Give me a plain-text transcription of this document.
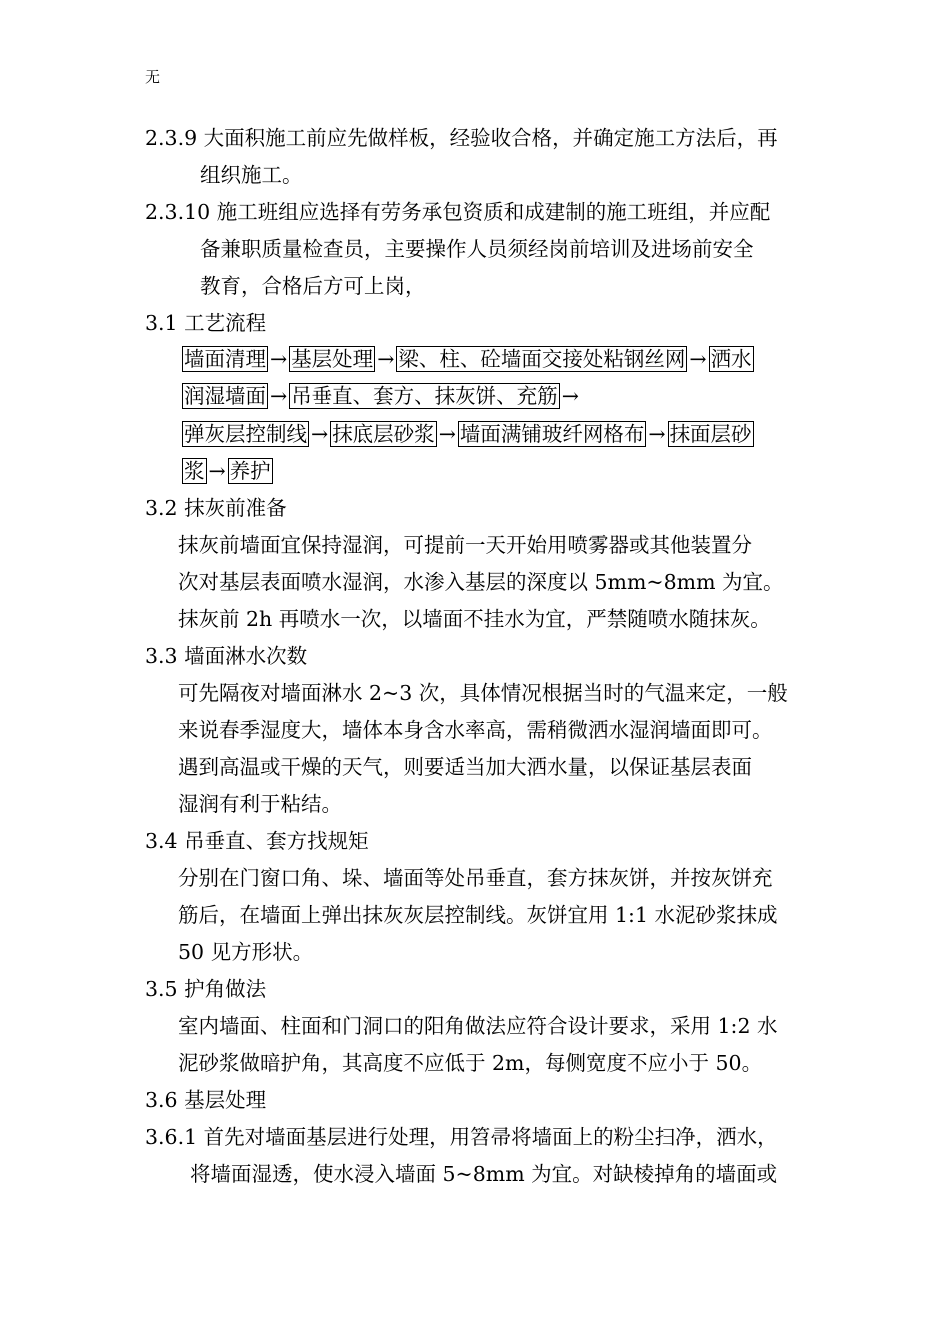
无
2.3.9 大面积施工前应先做样板，经验收合格，并确定施工方法后，再
组织施工。
2.3.10 施工班组应选择有劳务承包资质和成建制的施工班组，并应配
备兼职质量检查员，主要操作人员须经岗前培训及进场前安全
教育，合格后方可上岗，
3.1 工艺流程
墙面清理 → 基层处理 → 梁、柱、砼墙面交接处粘钢丝网 → 洒水
润湿墙面 → 吊垂直、套方、抹灰饼、充筋 →
弹灰层控制线 → 抹底层砂浆 → 墙面满铺玻纤网格布 → 抹面层砂
浆 → 养护
3.2 抹灰前准备
抹灰前墙面宜保持湿润，可提前一天开始用喷雾器或其他装置分
次对基层表面喷水湿润，水渗入基层的深度以 5mm~8mm 为宜。
抹灰前 2h 再喷水一次，以墙面不挂水为宜，严禁随喷水随抹灰。
3.3 墙面淋水次数
可先隔夜对墙面淋水 2~3 次，具体情况根据当时的气温来定，一般
来说春季湿度大，墙体本身含水率高，需稍微洒水湿润墙面即可。
遇到高温或干燥的天气，则要适当加大洒水量，以保证基层表面
湿润有利于粘结。
3.4 吊垂直、套方找规矩
分别在门窗口角、垛、墙面等处吊垂直，套方抹灰饼，并按灰饼充
筋后，在墙面上弹出抹灰灰层控制线。灰饼宜用 1:1 水泥砂浆抹成
50 见方形状。
3.5 护角做法
室内墙面、柱面和门洞口的阳角做法应符合设计要求，采用 1:2 水
泥砂浆做暗护角，其高度不应低于 2m，每侧宽度不应小于 50。
3.6 基层处理
3.6.1 首先对墙面基层进行处理，用笤帚将墙面上的粉尘扫净，洒水，
将墙面湿透，使水浸入墙面 5~8mm 为宜。对缺棱掉角的墙面或
